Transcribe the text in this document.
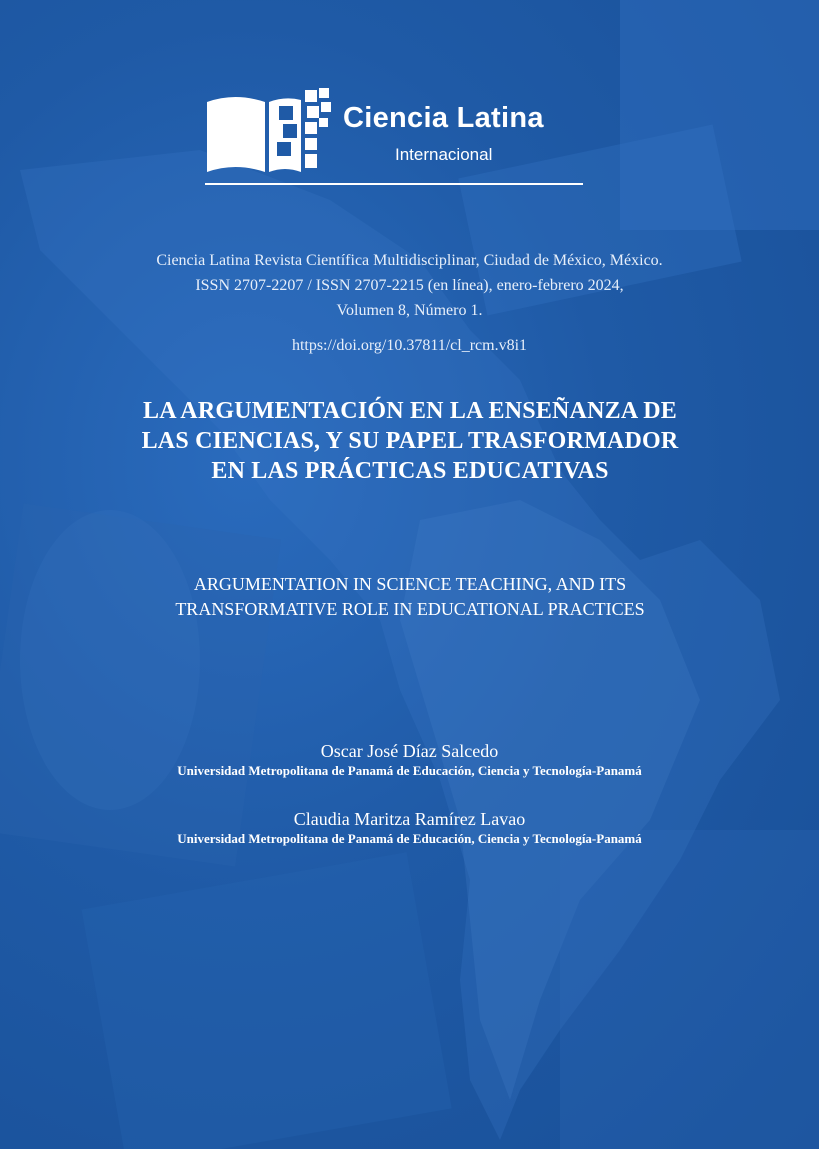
Ciencia Latina
Internacional
Ciencia Latina Revista Científica Multidisciplinar, Ciudad de México, México.
ISSN 2707-2207 / ISSN 2707-2215 (en línea), enero-febrero 2024,
Volumen 8, Número 1.
https://doi.org/10.37811/cl_rcm.v8i1
LA ARGUMENTACIÓN EN LA ENSEÑANZA DE
LAS CIENCIAS, Y SU PAPEL TRASFORMADOR
EN LAS PRÁCTICAS EDUCATIVAS
ARGUMENTATION IN SCIENCE TEACHING, AND ITS
TRANSFORMATIVE ROLE IN EDUCATIONAL PRACTICES
Oscar José Díaz Salcedo
Universidad Metropolitana de Panamá de Educación, Ciencia y Tecnología-Panamá
Claudia Maritza Ramírez Lavao
Universidad Metropolitana de Panamá de Educación, Ciencia y Tecnología-Panamá
